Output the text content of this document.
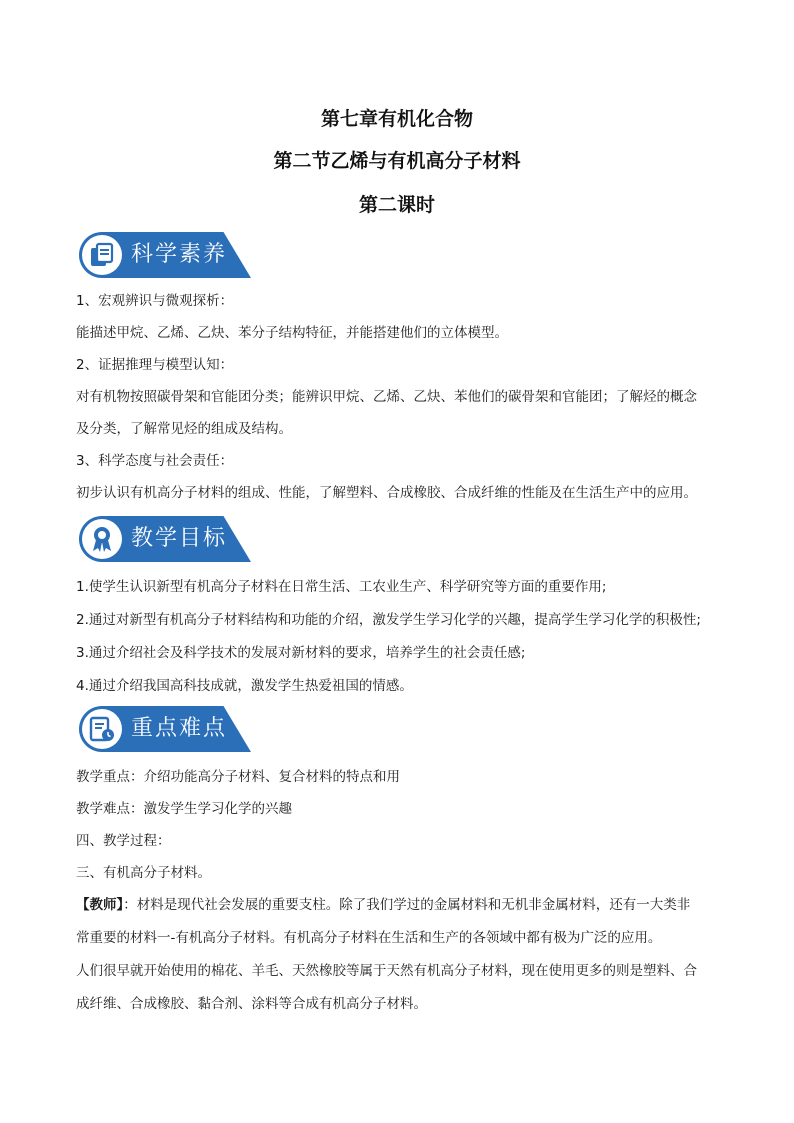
第七章有机化合物
第二节乙烯与有机高分子材料
第二课时
科学素养
1、宏观辨识与微观探析：
能描述甲烷、乙烯、乙炔、苯分子结构特征，并能搭建他们的立体模型。
2、证据推理与模型认知：
对有机物按照碳骨架和官能团分类；能辨识甲烷、乙烯、乙炔、苯他们的碳骨架和官能团；了解烃的概念
及分类，了解常见烃的组成及结构。
3、科学态度与社会责任：
初步认识有机高分子材料的组成、性能，了解塑料、合成橡胶、合成纤维的性能及在生活生产中的应用。
教学目标
1.使学生认识新型有机高分子材料在日常生活、工农业生产、科学研究等方面的重要作用;
2.通过对新型有机高分子材料结构和功能的介绍，激发学生学习化学的兴趣，提高学生学习化学的积极性;
3.通过介绍社会及科学技术的发展对新材料的要求，培养学生的社会责任感;
4.通过介绍我国高科技成就，激发学生热爱祖国的情感。
重点难点
教学重点：介绍功能高分子材料、复合材料的特点和用
教学难点：激发学生学习化学的兴趣
四、教学过程：
三、有机高分子材料。
【教师】：材料是现代社会发展的重要支柱。除了我们学过的金属材料和无机非金属材料，还有一大类非
常重要的材料一-有机高分子材料。有机高分子材料在生活和生产的各领域中都有极为广泛的应用。
人们很早就开始使用的棉花、羊毛、天然橡胶等属于天然有机高分子材料，现在使用更多的则是塑料、合
成纤维、合成橡胶、黏合剂、涂料等合成有机高分子材料。
